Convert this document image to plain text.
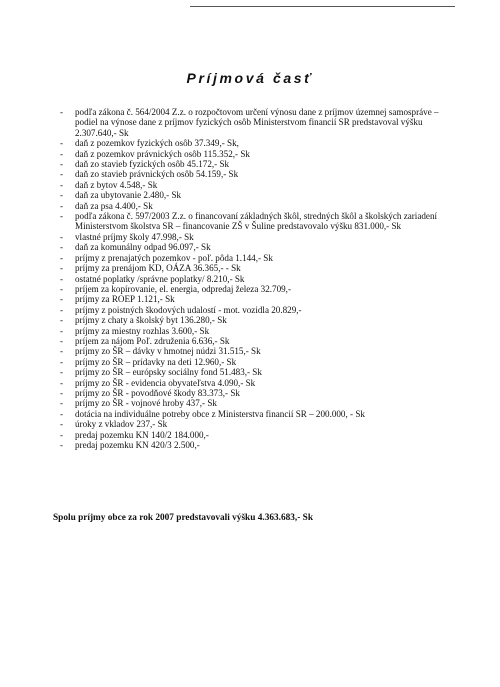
Príjmová časť
- podľa zákona č. 564/2004 Z.z. o rozpočtovom určení výnosu dane z príjmov územnej samospráve – podiel na výnose dane z príjmov fyzických osôb Ministerstvom financií SR predstavoval výšku 2.307.640,- Sk
- daň z pozemkov fyzických osôb 37.349,- Sk,
- daň z pozemkov právnických osôb 115.352,- Sk
- daň zo stavieb fyzických osôb 45.172,- Sk
- daň zo stavieb právnických osôb 54.159,- Sk
- daň z bytov 4.548,- Sk
- daň za ubytovanie 2.480,- Sk
- daň za psa 4.400,- Sk
- podľa zákona č. 597/2003 Z.z. o financovaní základných škôl, stredných škôl a školských zariadení Ministerstvom školstva SR – financovanie ZŠ v Šuline predstavovalo výšku 831.000,- Sk
- vlastné príjmy školy 47.998,- Sk
- daň za komunálny odpad 96.097,- Sk
- príjmy z prenajatých pozemkov - poľ. pôda 1.144,- Sk
- príjmy za prenájom KD, OÁZA 36.365,- - Sk
- ostatné poplatky /správne poplatky/ 8.210,- Sk
- príjem za kopírovanie, el. energia, odpredaj železa 32.709,-
- príjmy za ROEP 1.121,- Sk
- príjmy z poistných škodových udalostí - mot. vozidla 20.829,-
- príjmy z chaty a školský byt 136.280,- Sk
- príjmy za miestny rozhlas 3.600,- Sk
- príjem za nájom Poľ. združenia 6.636,- Sk
- príjmy zo ŠR – dávky v hmotnej núdzi 31.515,- Sk
- príjmy zo ŠR – prídavky na deti 12.960,- Sk
- príjmy zo ŠR – európsky sociálny fond 51.483,- Sk
- príjmy zo ŠR - evidencia obyvateľstva 4.090,- Sk
- príjmy zo ŠR - povodňové škody 83.373,- Sk
- príjmy zo ŠR - vojnové hroby 437,- Sk
- dotácia na individuálne potreby obce z Ministerstva financií SR – 200.000, - Sk
- úroky z vkladov 237,- Sk
- predaj pozemku KN 140/2 184.000,-
- predaj pozemku KN 420/3 2.500,-
Spolu príjmy obce za rok 2007 predstavovali výšku 4.363.683,- Sk
